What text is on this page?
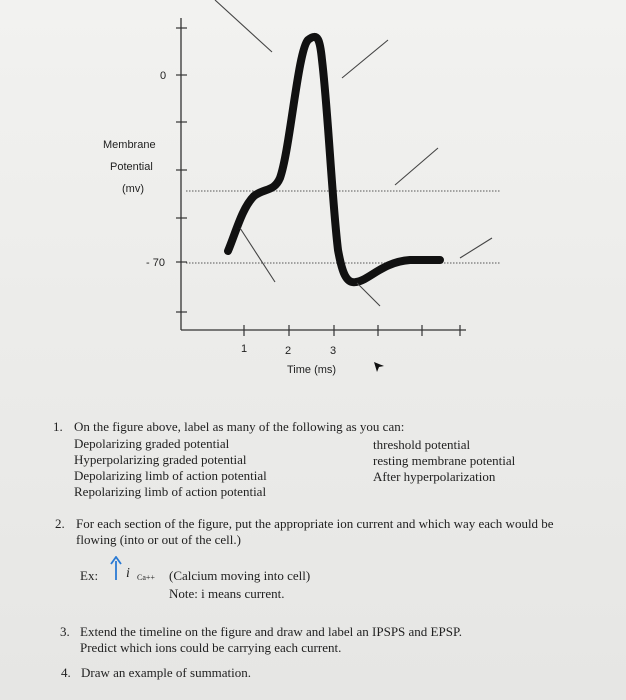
0
Membrane
Potential
(mv)
- 70
1	2	3
Time (ms)
1. On the figure above, label as many of the following as you can:
Depolarizing graded potential
Hyperpolarizing graded potential
Depolarizing limb of action potential
Repolarizing limb of action potential
threshold potential
resting membrane potential
After hyperpolarization
2. For each section of the figure, put the appropriate ion current and which way each would be
flowing (into or out of the cell.)
Ex: i Ca++ (Calcium moving into cell)
Note: i means current.
3. Extend the timeline on the figure and draw and label an IPSPS and EPSP.
Predict which ions could be carrying each current.
4. Draw an example of summation.
